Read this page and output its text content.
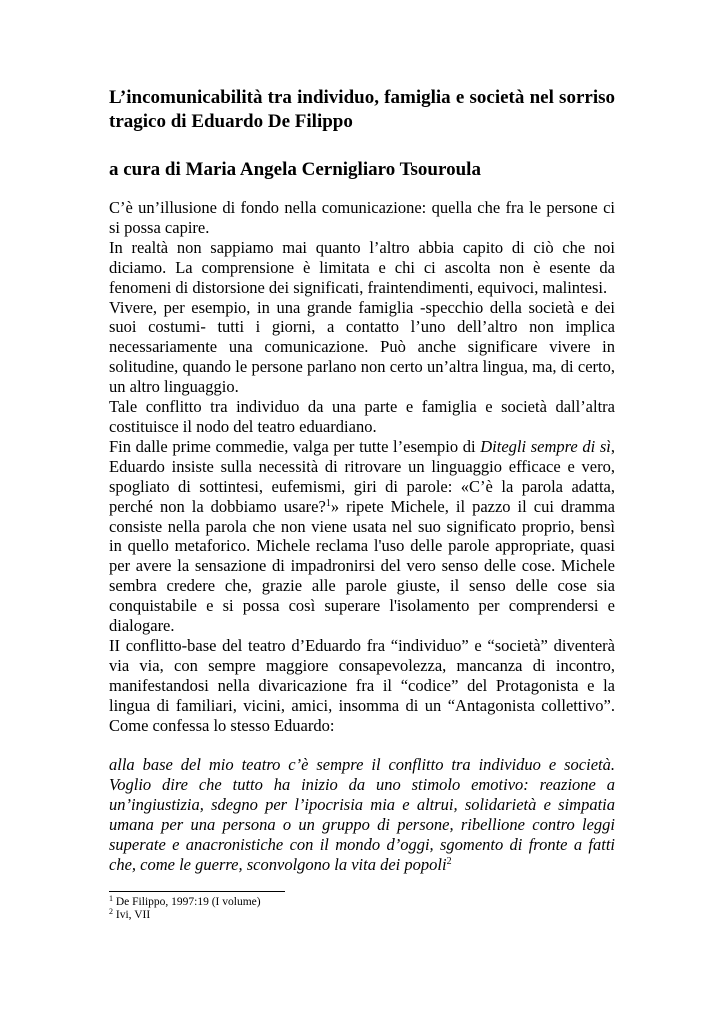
L’incomunicabilità tra individuo, famiglia e società nel sorriso tragico di Eduardo De Filippo
a cura di Maria Angela Cernigliaro Tsouroula

C’è un’illusione di fondo nella comunicazione: quella che fra le persone ci si possa capire.

In realtà non sappiamo mai quanto l’altro abbia capito di ciò che noi diciamo. La comprensione è limitata e chi ci ascolta non è esente da fenomeni di distorsione dei significati, fraintendimenti, equivoci, malintesi.

Vivere, per esempio, in una grande famiglia -specchio della società e dei suoi costumi- tutti i giorni, a contatto l’uno dell’altro non implica necessariamente una comunicazione. Può anche significare vivere in solitudine, quando le persone parlano non certo un’altra lingua, ma, di certo, un altro linguaggio.

Tale conflitto tra individuo da una parte e famiglia e società dall’altra costituisce il nodo del teatro eduardiano.

Fin dalle prime commedie, valga per tutte l’esempio di Ditegli sempre di sì, Eduardo insiste sulla necessità di ritrovare un linguaggio efficace e vero, spogliato di sottintesi, eufemismi, giri di parole: «C’è la parola adatta, perché non la dobbiamo usare?$^1$» ripete Michele, il pazzo il cui dramma consiste nella parola che non viene usata nel suo significato proprio, bensì in quello metaforico. Michele reclama l'uso delle parole appropriate, quasi per avere la sensazione di impadronirsi del vero senso delle cose. Michele sembra credere che, grazie alle parole giuste, il senso delle cose sia conquistabile e si possa così superare l'isolamento per comprendersi e dialogare.

II conflitto-base del teatro d’Eduardo fra “individuo” e “società” diventerà via via, con sempre maggiore consapevolezza, mancanza di incontro, manifestandosi nella divaricazione fra il “codice” del Protagonista e la lingua di familiari, vicini, amici, insomma di un “Antagonista collettivo”. Come confessa lo stesso Eduardo:

alla base del mio teatro c’è sempre il conflitto tra individuo e società. Voglio dire che tutto ha inizio da uno stimolo emotivo: reazione a un’ingiustizia, sdegno per l’ipocrisia mia e altrui, solidarietà e simpatia umana per una persona o un gruppo di persone, ribellione contro leggi superate e anacronistiche con il mondo d’oggi, sgomento di fronte a fatti che, come le guerre, sconvolgono la vita dei popoli$^2$
$^1$ De Filippo, 1997:19 (I volume)
$^2$ Ivi, VII
